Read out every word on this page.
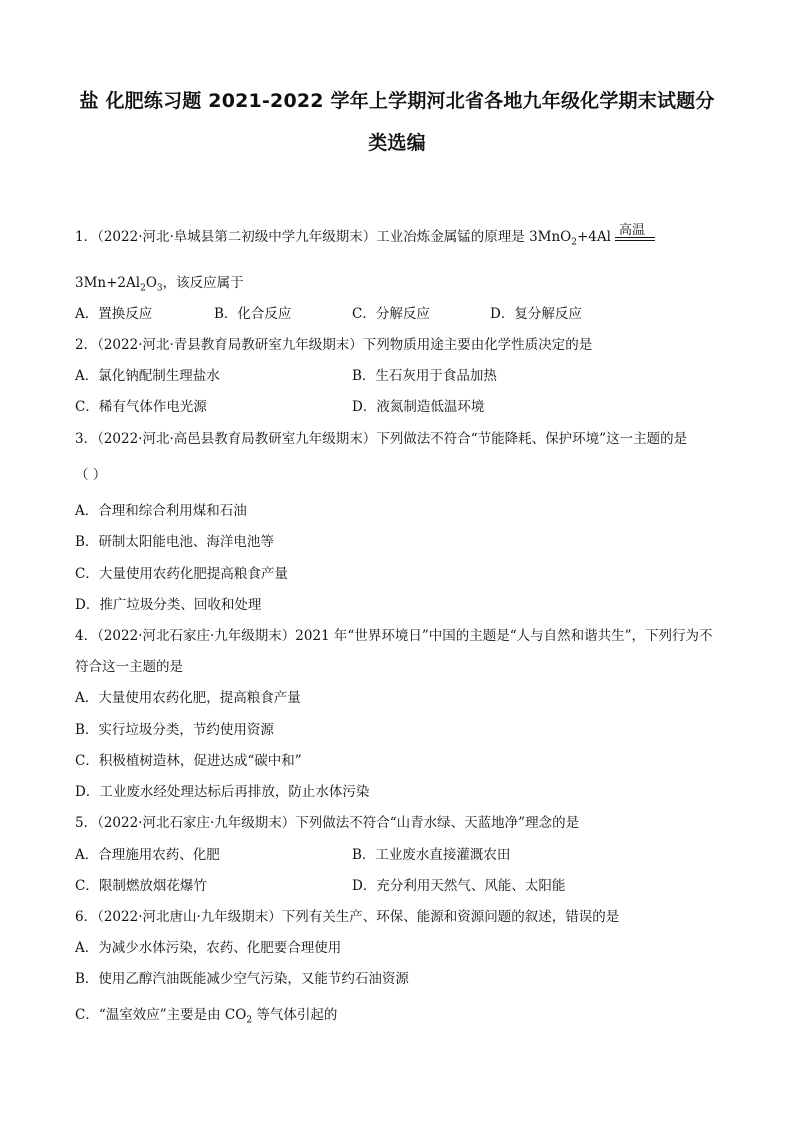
盐 化肥练习题 2021-2022 学年上学期河北省各地九年级化学期末试题分
类选编
1．（2022·河北·阜城县第二初级中学九年级期末）工业冶炼金属锰的原理是 3MnO$_2$+4Al 高温
$3Mn+2Al_2O_3$，该反应属于
A．置换反应	B．化合反应	C．分解反应	D．复分解反应
2．（2022·河北·青县教育局教研室九年级期末）下列物质用途主要由化学性质决定的是
A．氯化钠配制生理盐水	B．生石灰用于食品加热
C．稀有气体作电光源	D．液氮制造低温环境
3．（2022·河北·高邑县教育局教研室九年级期末）下列做法不符合“节能降耗、保护环境”这一主题的是
（ ）
A．合理和综合利用煤和石油
B．研制太阳能电池、海洋电池等
C．大量使用农药化肥提高粮食产量
D．推广垃圾分类、回收和处理
4．（2022·河北石家庄·九年级期末）2021 年“世界环境日”中国的主题是“人与自然和谐共生”，下列行为不
符合这一主题的是
A．大量使用农药化肥，提高粮食产量
B．实行垃圾分类，节约使用资源
C．积极植树造林，促进达成“碳中和”
D．工业废水经处理达标后再排放，防止水体污染
5．（2022·河北石家庄·九年级期末）下列做法不符合“山青水绿、天蓝地净”理念的是
A．合理施用农药、化肥	B．工业废水直接灌溉农田
C．限制燃放烟花爆竹	D．充分利用天然气、风能、太阳能
6．（2022·河北唐山·九年级期末）下列有关生产、环保、能源和资源问题的叙述，错误的是
A．为减少水体污染，农药、化肥要合理使用
B．使用乙醇汽油既能减少空气污染，又能节约石油资源
C．“温室效应”主要是由 $CO_2$ 等气体引起的
